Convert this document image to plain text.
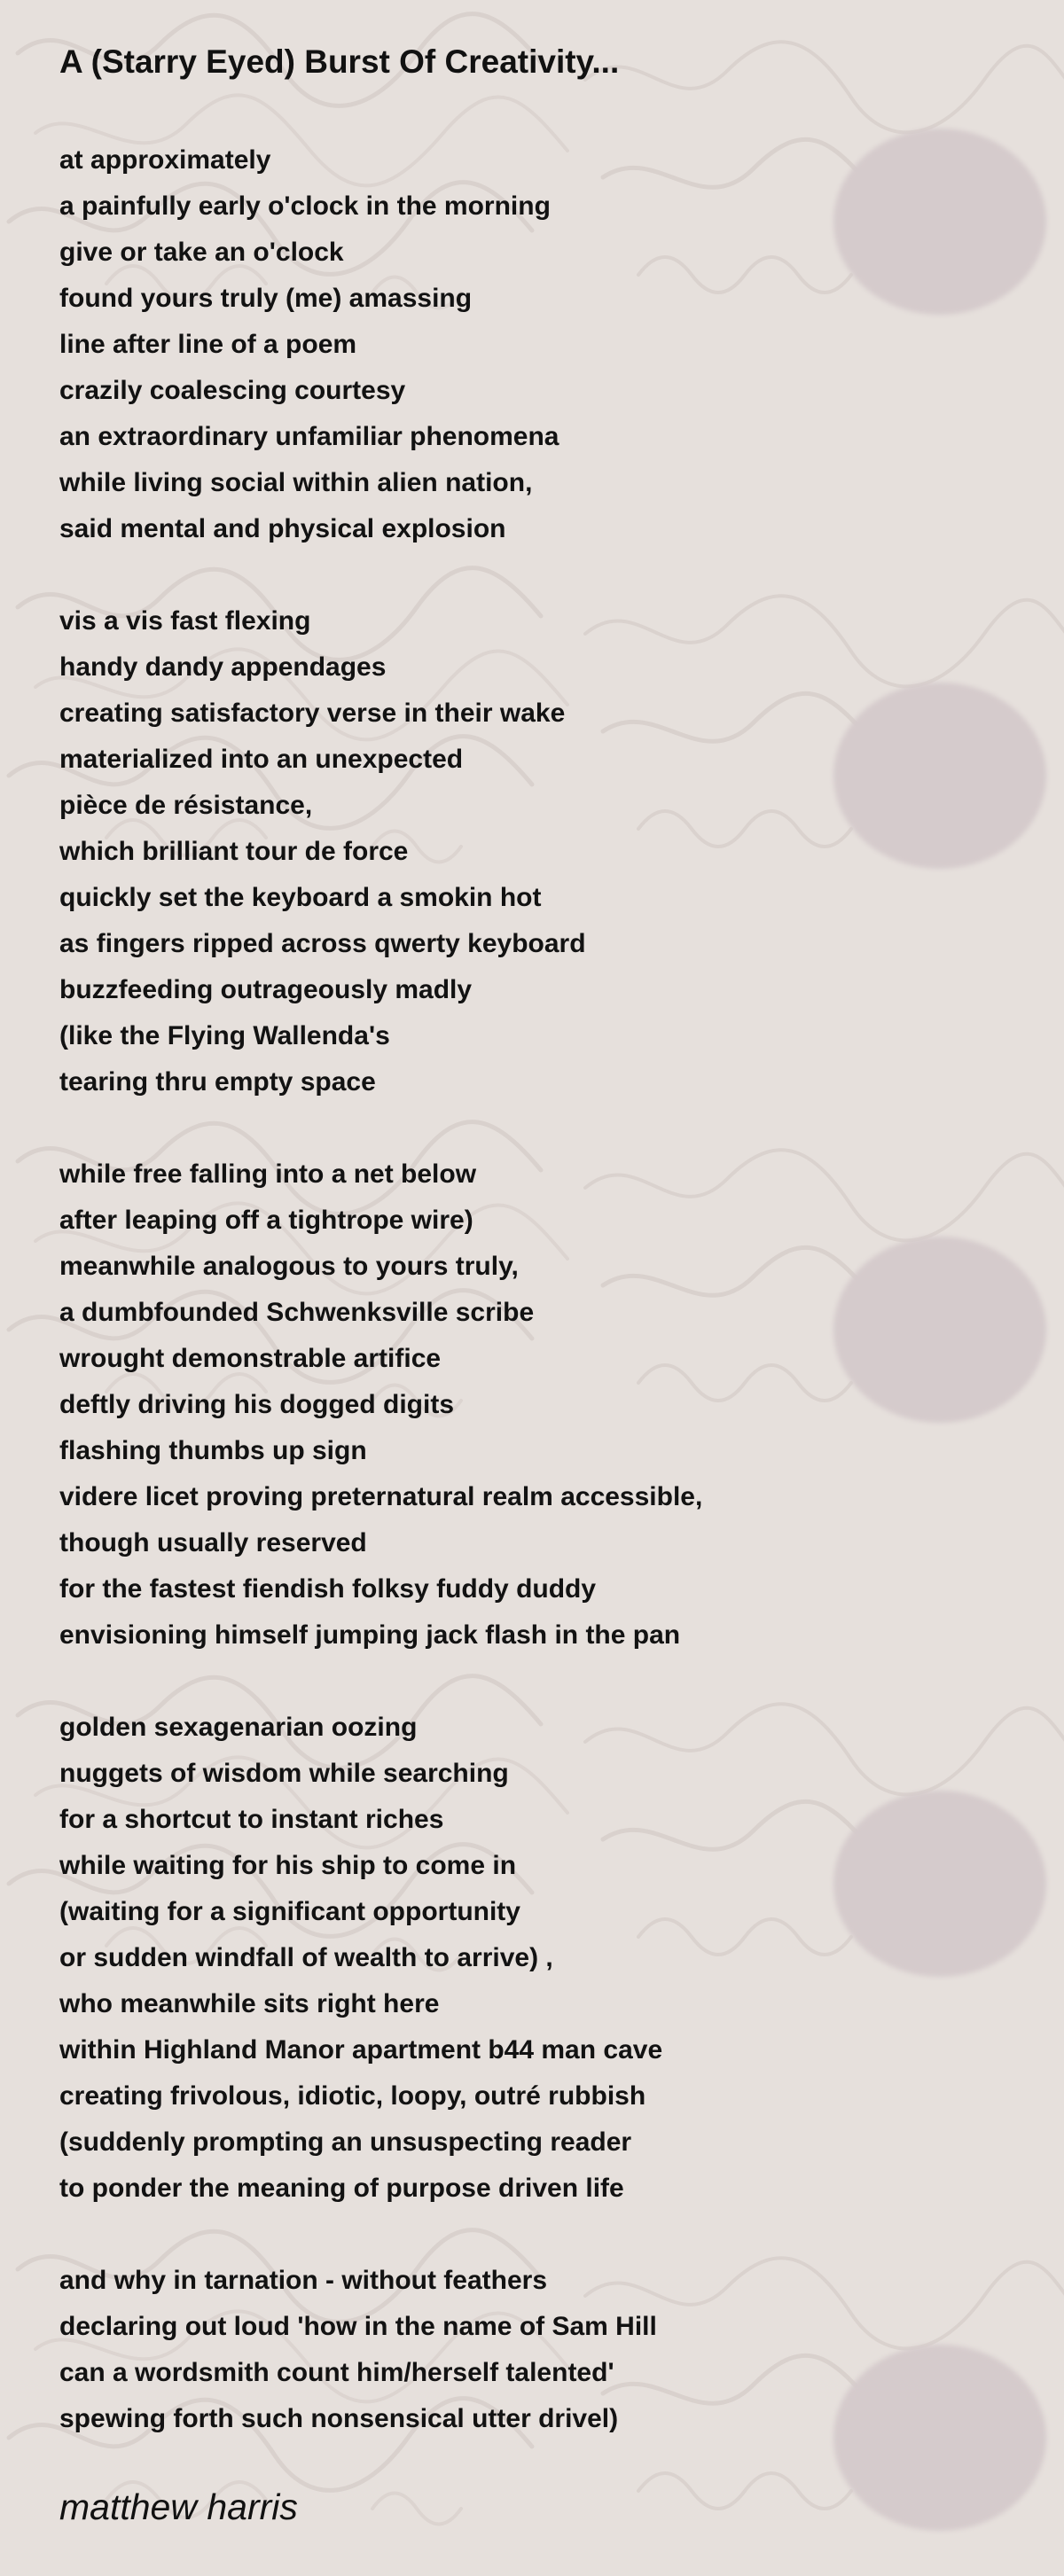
A (Starry Eyed) Burst Of Creativity...
at approximately
a painfully early o'clock in the morning
give or take an o'clock
found yours truly (me) amassing
line after line of a poem
crazily coalescing courtesy
an extraordinary unfamiliar phenomena
while living social within alien nation,
said mental and physical explosion
vis a vis fast flexing
handy dandy appendages
creating satisfactory verse in their wake
materialized into an unexpected
pièce de résistance,
which brilliant tour de force
quickly set the keyboard a smokin hot
as fingers ripped across qwerty keyboard
buzzfeeding outrageously madly
(like the Flying Wallenda's
tearing thru empty space
while free falling into a net below
after leaping off a tightrope wire)
meanwhile analogous to yours truly,
a dumbfounded Schwenksville scribe
wrought demonstrable artifice
deftly driving his dogged digits
flashing thumbs up sign
videre licet proving preternatural realm accessible,
though usually reserved
for the fastest fiendish folksy fuddy duddy
envisioning himself jumping jack flash in the pan
golden sexagenarian oozing
nuggets of wisdom while searching
for a shortcut to instant riches
while waiting for his ship to come in
(waiting for a significant opportunity
or sudden windfall of wealth to arrive) ,
who meanwhile sits right here
within Highland Manor apartment b44 man cave
creating frivolous, idiotic, loopy, outré rubbish
(suddenly prompting an unsuspecting reader
to ponder the meaning of purpose driven life
and why in tarnation - without feathers
declaring out loud 'how in the name of Sam Hill
can a wordsmith count him/herself talented'
spewing forth such nonsensical utter drivel)
matthew harris
